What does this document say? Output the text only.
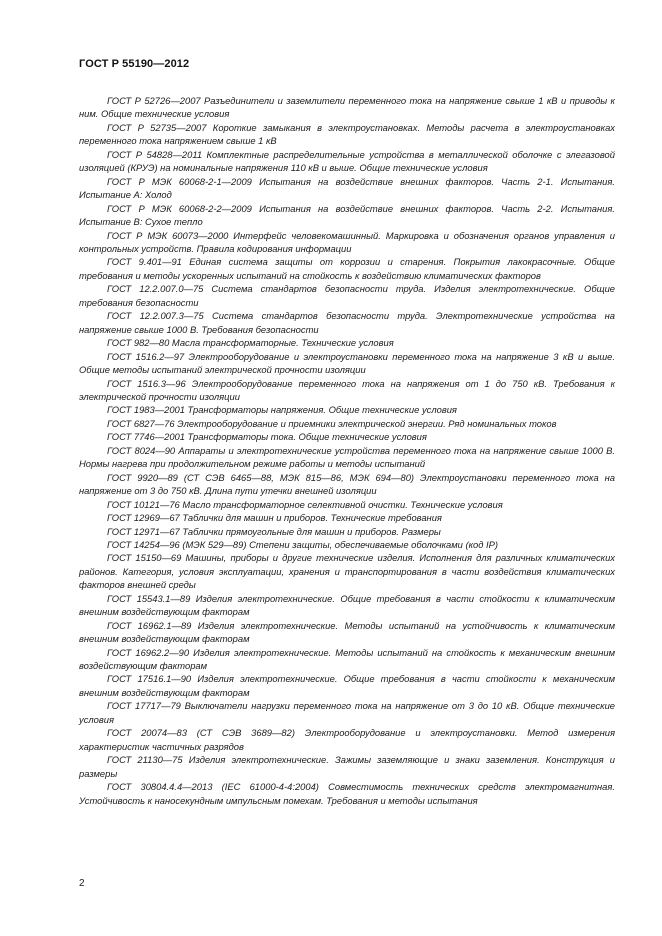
ГОСТ Р 55190—2012

ГОСТ Р 52726—2007 Разъединители и заземлители переменного тока на напряжение свыше 1 кВ и приводы к ним. Общие технические условия

ГОСТ Р 52735—2007 Короткие замыкания в электроустановках. Методы расчета в электроустановках переменного тока напряжением свыше 1 кВ

ГОСТ Р 54828—2011 Комплектные распределительные устройства в металлической оболочке с элегазовой изоляцией (КРУЭ) на номинальные напряжения 110 кВ и выше. Общие технические условия

ГОСТ Р МЭК 60068-2-1—2009 Испытания на воздействие внешних факторов. Часть 2-1. Испытания. Испытание А: Холод

ГОСТ Р МЭК 60068-2-2—2009 Испытания на воздействие внешних факторов. Часть 2-2. Испытания. Испытание В: Сухое тепло

ГОСТ Р МЭК 60073—2000 Интерфейс человекомашинный. Маркировка и обозначения органов управления и контрольных устройств. Правила кодирования информации

ГОСТ 9.401—91 Единая система защиты от коррозии и старения. Покрытия лакокрасочные. Общие требования и методы ускоренных испытаний на стойкость к воздействию климатических факторов

ГОСТ 12.2.007.0—75 Система стандартов безопасности труда. Изделия электротехнические. Общие требования безопасности

ГОСТ 12.2.007.3—75 Система стандартов безопасности труда. Электротехнические устройства на напряжение свыше 1000 В. Требования безопасности

ГОСТ 982—80 Масла трансформаторные. Технические условия

ГОСТ 1516.2—97 Электрооборудование и электроустановки переменного тока на напряжение 3 кВ и выше. Общие методы испытаний электрической прочности изоляции

ГОСТ 1516.3—96 Электрооборудование переменного тока на напряжения от 1 до 750 кВ. Требования к электрической прочности изоляции

ГОСТ 1983—2001 Трансформаторы напряжения. Общие технические условия

ГОСТ 6827—76 Электрооборудование и приемники электрической энергии. Ряд номинальных токов

ГОСТ 7746—2001 Трансформаторы тока. Общие технические условия

ГОСТ 8024—90 Аппараты и электротехнические устройства переменного тока на напряжение свыше 1000 В. Нормы нагрева при продолжительном режиме работы и методы испытаний

ГОСТ 9920—89 (СТ СЭВ 6465—88, МЭК 815—86, МЭК 694—80) Электроустановки переменного тока на напряжение от 3 до 750 кВ. Длина пути утечки внешней изоляции

ГОСТ 10121—76 Масло трансформаторное селективной очистки. Технические условия

ГОСТ 12969—67 Таблички для машин и приборов. Технические требования

ГОСТ 12971—67 Таблички прямоугольные для машин и приборов. Размеры

ГОСТ 14254—96 (МЭК 529—89) Степени защиты, обеспечиваемые оболочками (код IP)

ГОСТ 15150—69 Машины, приборы и другие технические изделия. Исполнения для различных климатических районов. Категория, условия эксплуатации, хранения и транспортирования в части воздействия климатических факторов внешней среды

ГОСТ 15543.1—89 Изделия электротехнические. Общие требования в части стойкости к климатическим внешним воздействующим факторам

ГОСТ 16962.1—89 Изделия электротехнические. Методы испытаний на устойчивость к климатическим внешним воздействующим факторам

ГОСТ 16962.2—90 Изделия электротехнические. Методы испытаний на стойкость к механическим внешним воздействующим факторам

ГОСТ 17516.1—90 Изделия электротехнические. Общие требования в части стойкости к механическим внешним воздействующим факторам

ГОСТ 17717—79 Выключатели нагрузки переменного тока на напряжение от 3 до 10 кВ. Общие технические условия

ГОСТ 20074—83 (СТ СЭВ 3689—82) Электрооборудование и электроустановки. Метод измерения характеристик частичных разрядов

ГОСТ 21130—75 Изделия электротехнические. Зажимы заземляющие и знаки заземления. Конструкция и размеры

ГОСТ 30804.4.4—2013 (IEC 61000-4-4:2004) Совместимость технических средств электромагнитная. Устойчивость к наносекундным импульсным помехам. Требования и методы испытания

2
